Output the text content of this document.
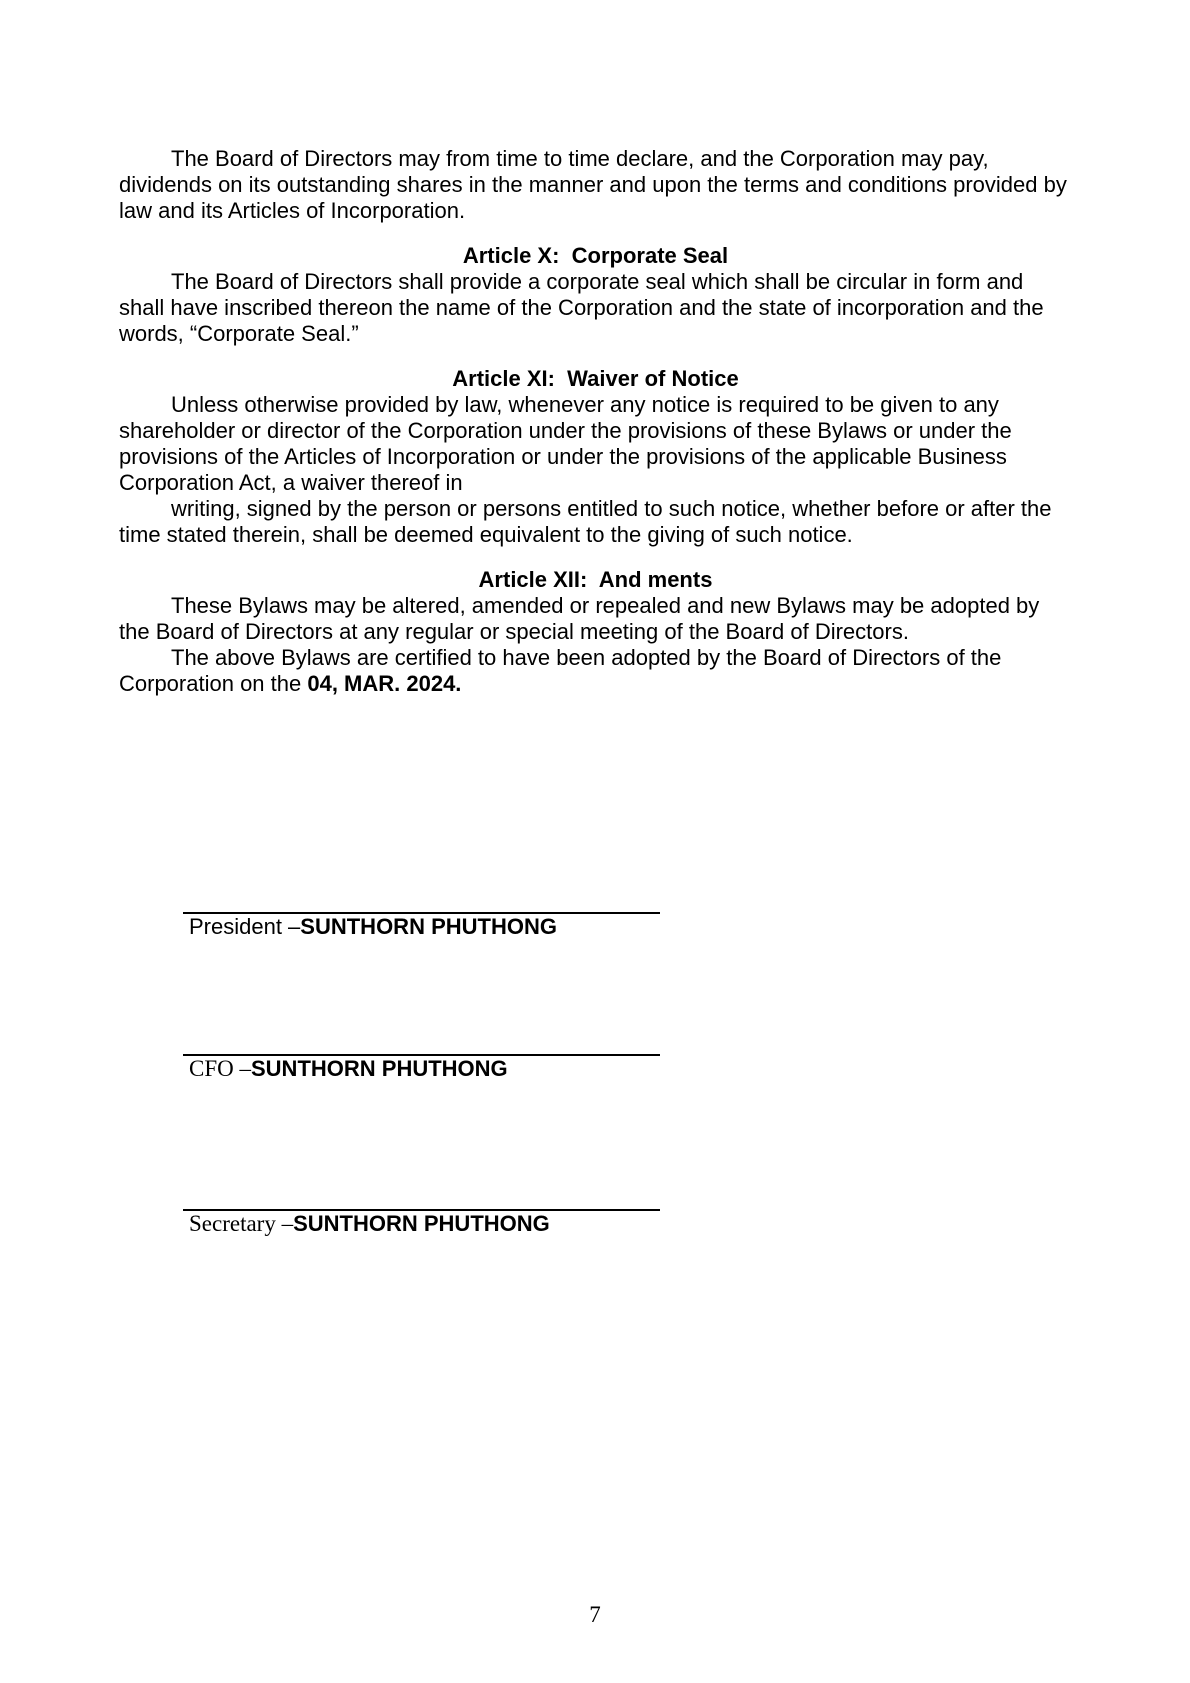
The Board of Directors may from time to time declare, and the Corporation may pay, dividends on its outstanding shares in the manner and upon the terms and conditions provided by law and its Articles of Incorporation.

Article X:  Corporate Seal

The Board of Directors shall provide a corporate seal which shall be circular in form and shall have inscribed thereon the name of the Corporation and the state of incorporation and the words, “Corporate Seal.”

Article XI:  Waiver of Notice

Unless otherwise provided by law, whenever any notice is required to be given to any shareholder or director of the Corporation under the provisions of these Bylaws or under the provisions of the Articles of Incorporation or under the provisions of the applicable Business Corporation Act, a waiver thereof in

writing, signed by the person or persons entitled to such notice, whether before or after the time stated therein, shall be deemed equivalent to the giving of such notice.

Article XII:  And ments

These Bylaws may be altered, amended or repealed and new Bylaws may be adopted by the Board of Directors at any regular or special meeting of the Board of Directors.

The above Bylaws are certified to have been adopted by the Board of Directors of the Corporation on the 04, MAR. 2024.

President –SUNTHORN PHUTHONG

CFO –SUNTHORN PHUTHONG

Secretary –SUNTHORN PHUTHONG

7
